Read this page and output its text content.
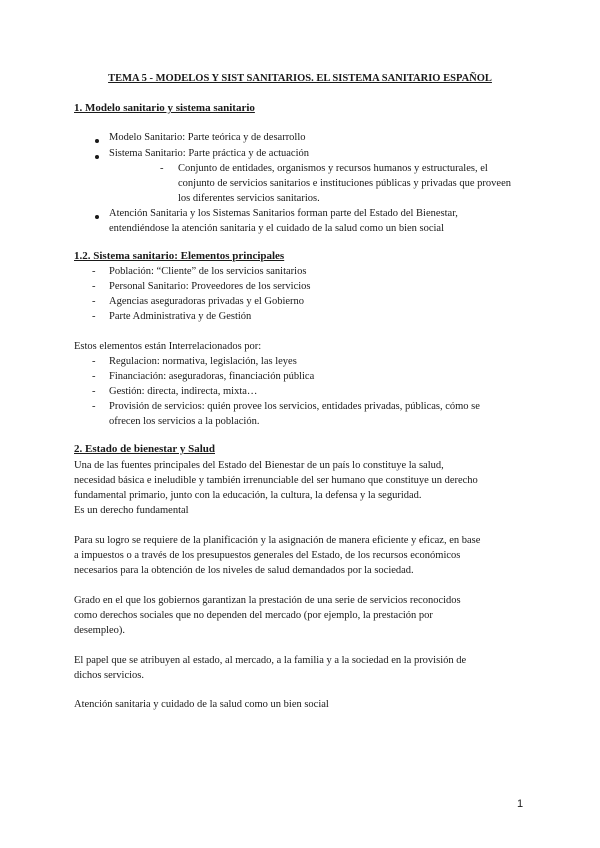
TEMA 5 - MODELOS Y SIST SANITARIOS. EL SISTEMA SANITARIO ESPAÑOL
1. Modelo sanitario y sistema sanitario
Modelo Sanitario: Parte teórica y de desarrollo
Sistema Sanitario: Parte práctica y de actuación
- Conjunto de entidades, organismos y recursos humanos y estructurales, el
conjunto de servicios sanitarios e instituciones públicas y privadas que proveen
los diferentes servicios sanitarios.
Atención Sanitaria y los Sistemas Sanitarios forman parte del Estado del Bienestar,
entendiéndose la atención sanitaria y el cuidado de la salud como un bien social
1.2. Sistema sanitario: Elementos principales
- Población: “Cliente” de los servicios sanitarios
- Personal Sanitario: Proveedores de los servicios
- Agencias aseguradoras privadas y el Gobierno
- Parte Administrativa y de Gestión
Estos elementos están Interrelacionados por:
- Regulacion: normativa, legislación, las leyes
- Financiación: aseguradoras, financiación pública
- Gestión: directa, indirecta, mixta…
- Provisión de servicios: quién provee los servicios, entidades privadas, públicas, cómo se
ofrecen los servicios a la población.
2. Estado de bienestar y Salud
Una de las fuentes principales del Estado del Bienestar de un país lo constituye la salud,
necesidad básica e ineludible y también irrenunciable del ser humano que constituye un derecho
fundamental primario, junto con la educación, la cultura, la defensa y la seguridad.
Es un derecho fundamental
Para su logro se requiere de la planificación y la asignación de manera eficiente y eficaz, en base
a impuestos o a través de los presupuestos generales del Estado, de los recursos económicos
necesarios para la obtención de los niveles de salud demandados por la sociedad.
Grado en el que los gobiernos garantizan la prestación de una serie de servicios reconocidos
como derechos sociales que no dependen del mercado (por ejemplo, la prestación por
desempleo).
El papel que se atribuyen al estado, al mercado, a la familia y a la sociedad en la provisión de
dichos servicios.
Atención sanitaria y cuidado de la salud como un bien social
1
